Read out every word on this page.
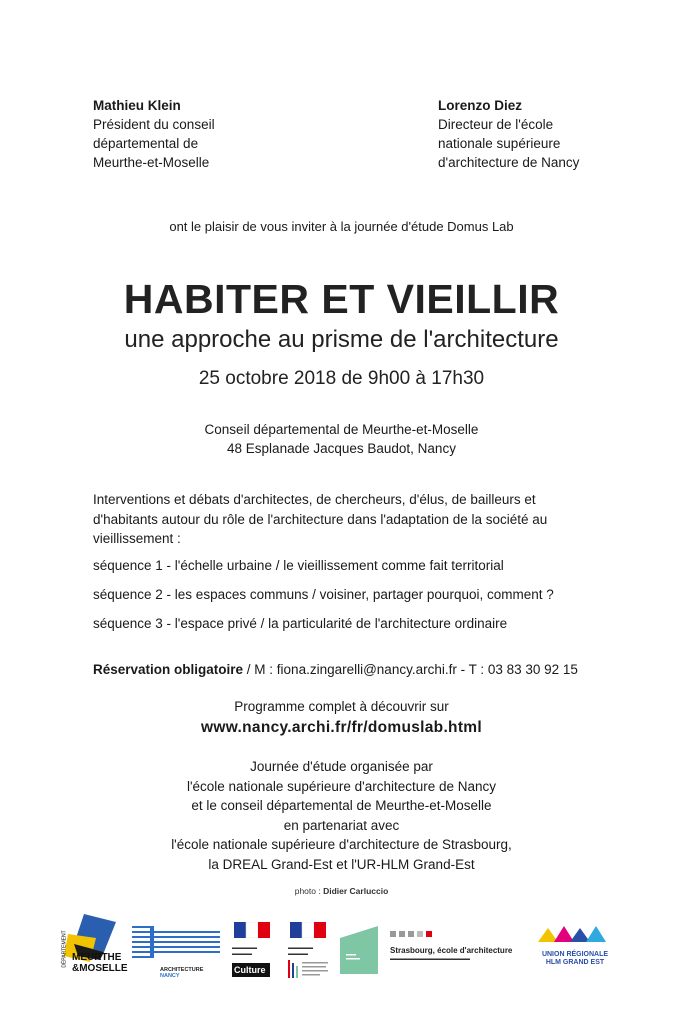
Mathieu Klein
Président du conseil
départemental de
Meurthe-et-Moselle
Lorenzo Diez
Directeur de l'école
nationale supérieure
d'architecture de Nancy
ont le plaisir de vous inviter à la journée d'étude Domus Lab
HABITER ET VIEILLIR
une approche au prisme de l'architecture
25 octobre 2018 de 9h00 à 17h30
Conseil départemental de Meurthe-et-Moselle
48 Esplanade Jacques Baudot, Nancy
Interventions et débats d'architectes, de chercheurs, d'élus, de bailleurs et d'habitants autour du rôle de l'architecture dans l'adaptation de la société au vieillissement :
séquence 1 - l'échelle urbaine / le vieillissement comme fait territorial
séquence 2 - les espaces communs / voisiner, partager pourquoi, comment ?
séquence 3 - l'espace privé / la particularité de l'architecture ordinaire
Réservation obligatoire / M : fiona.zingarelli@nancy.archi.fr - T : 03 83 30 92 15
Programme complet à découvrir sur
www.nancy.archi.fr/fr/domuslab.html
Journée d'étude organisée par
l'école nationale supérieure d'architecture de Nancy
et le conseil départemental de Meurthe-et-Moselle
en partenariat avec
l'école nationale supérieure d'architecture de Strasbourg,
la DREAL Grand-Est et l'UR-HLM Grand-Est
photo : Didier Carluccio
MEURTHE
&MOSELLE
DÉPARTEMENT
ARCHITECTURE NANCY
▬▬▬▬▬
▬▬▬▬
Culture
▬▬▬▬▬
▬▬▬▬	Strasbourg, école d'architecture
▬▬▬▬▬▬▬▬▬▬▬▬▬▬▬▬
UNION RÉGIONALE
HLM GRAND EST
